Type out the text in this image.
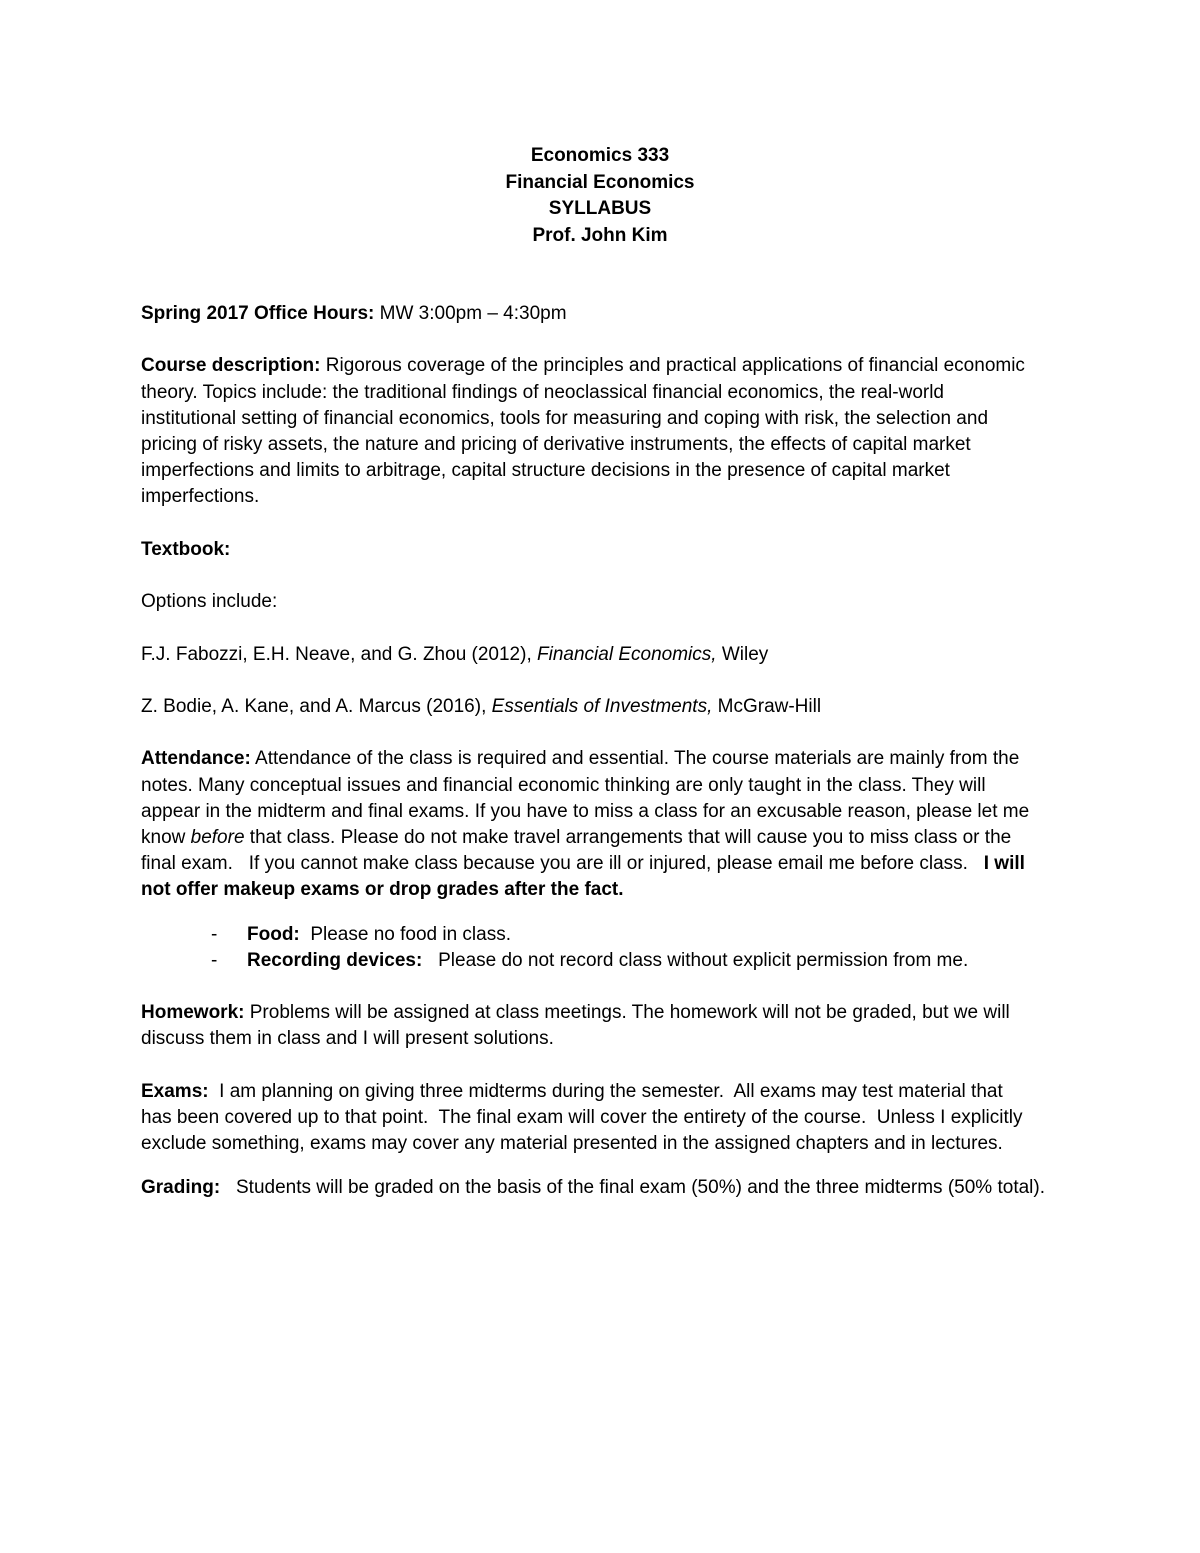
Economics 333
Financial Economics
SYLLABUS
Prof. John Kim

Spring 2017 Office Hours: MW 3:00pm – 4:30pm

Course description: Rigorous coverage of the principles and practical applications of financial economic
theory. Topics include: the traditional findings of neoclassical financial economics, the real-world
institutional setting of financial economics, tools for measuring and coping with risk, the selection and
pricing of risky assets, the nature and pricing of derivative instruments, the effects of capital market
imperfections and limits to arbitrage, capital structure decisions in the presence of capital market
imperfections.

Textbook:

Options include:

F.J. Fabozzi, E.H. Neave, and G. Zhou (2012), Financial Economics, Wiley

Z. Bodie, A. Kane, and A. Marcus (2016), Essentials of Investments, McGraw-Hill

Attendance: Attendance of the class is required and essential. The course materials are mainly from the
notes. Many conceptual issues and financial economic thinking are only taught in the class. They will
appear in the midterm and final exams. If you have to miss a class for an excusable reason, please let me
know before that class. Please do not make travel arrangements that will cause you to miss class or the
final exam.   If you cannot make class because you are ill or injured, please email me before class.   I will
not offer makeup exams or drop grades after the fact.
- Food:  Please no food in class.
- Recording devices:   Please do not record class without explicit permission from me.
Homework: Problems will be assigned at class meetings. The homework will not be graded, but we will
discuss them in class and I will present solutions.
Exams:  I am planning on giving three midterms during the semester.  All exams may test material that
has been covered up to that point.  The final exam will cover the entirety of the course.  Unless I explicitly
exclude something, exams may cover any material presented in the assigned chapters and in lectures.

Grading:   Students will be graded on the basis of the final exam (50%) and the three midterms (50% total).
